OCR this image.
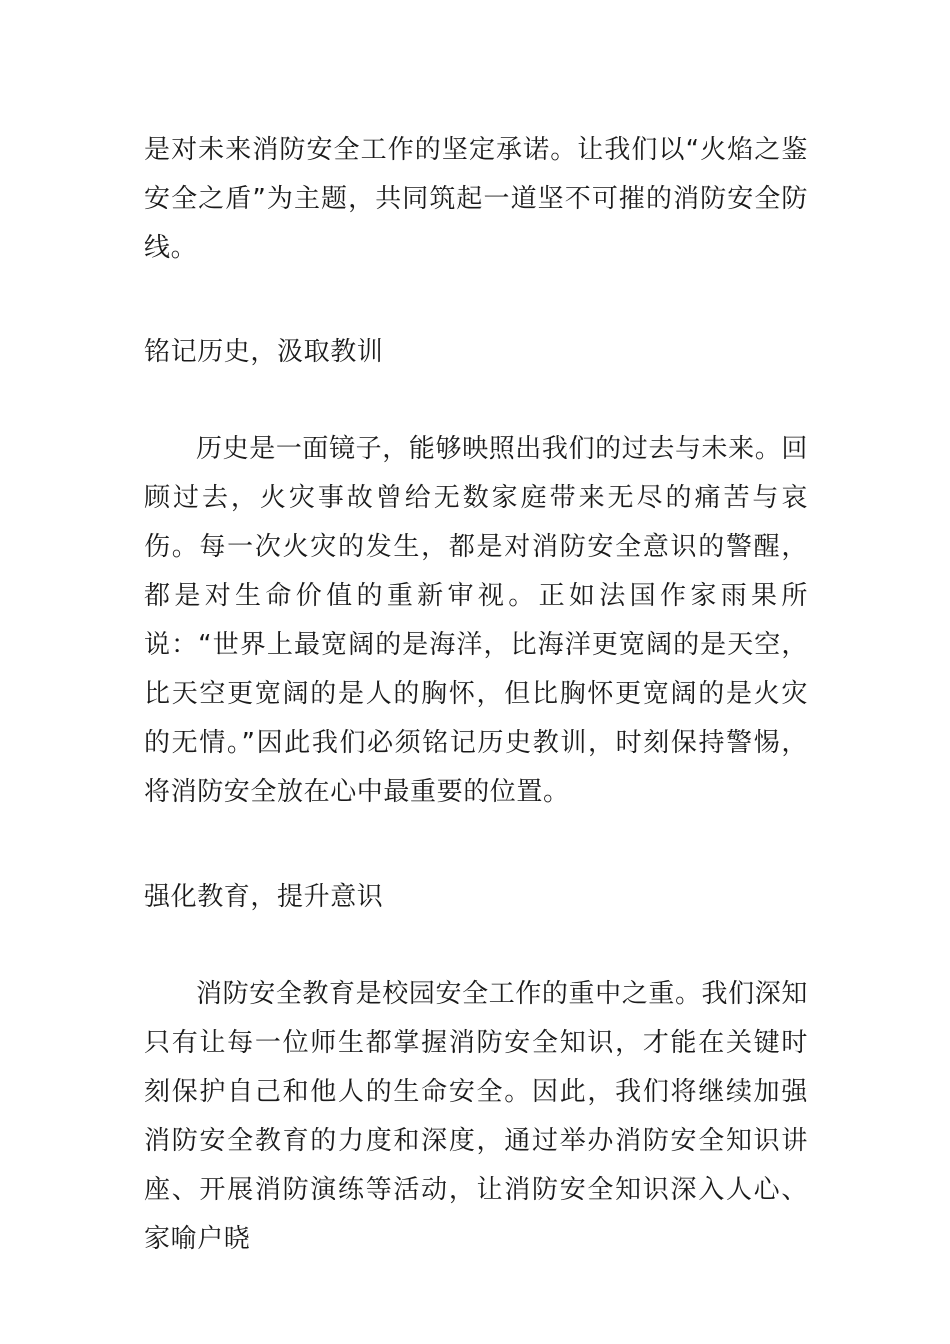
是对未来消防安全工作的坚定承诺。让我们以“火焰之鉴安全之盾”为主题，共同筑起一道坚不可摧的消防安全防线。

铭记历史，汲取教训

历史是一面镜子，能够映照出我们的过去与未来。回顾过去，火灾事故曾给无数家庭带来无尽的痛苦与哀伤。每一次火灾的发生，都是对消防安全意识的警醒，都是对生命价值的重新审视。正如法国作家雨果所说：“世界上最宽阔的是海洋，比海洋更宽阔的是天空，比天空更宽阔的是人的胸怀，但比胸怀更宽阔的是火灾的无情。”因此我们必须铭记历史教训，时刻保持警惕，将消防安全放在心中最重要的位置。

强化教育，提升意识

消防安全教育是校园安全工作的重中之重。我们深知只有让每一位师生都掌握消防安全知识，才能在关键时刻保护自己和他人的生命安全。因此，我们将继续加强消防安全教育的力度和深度，通过举办消防安全知识讲座、开展消防演练等活动，让消防安全知识深入人心、家喻户晓
